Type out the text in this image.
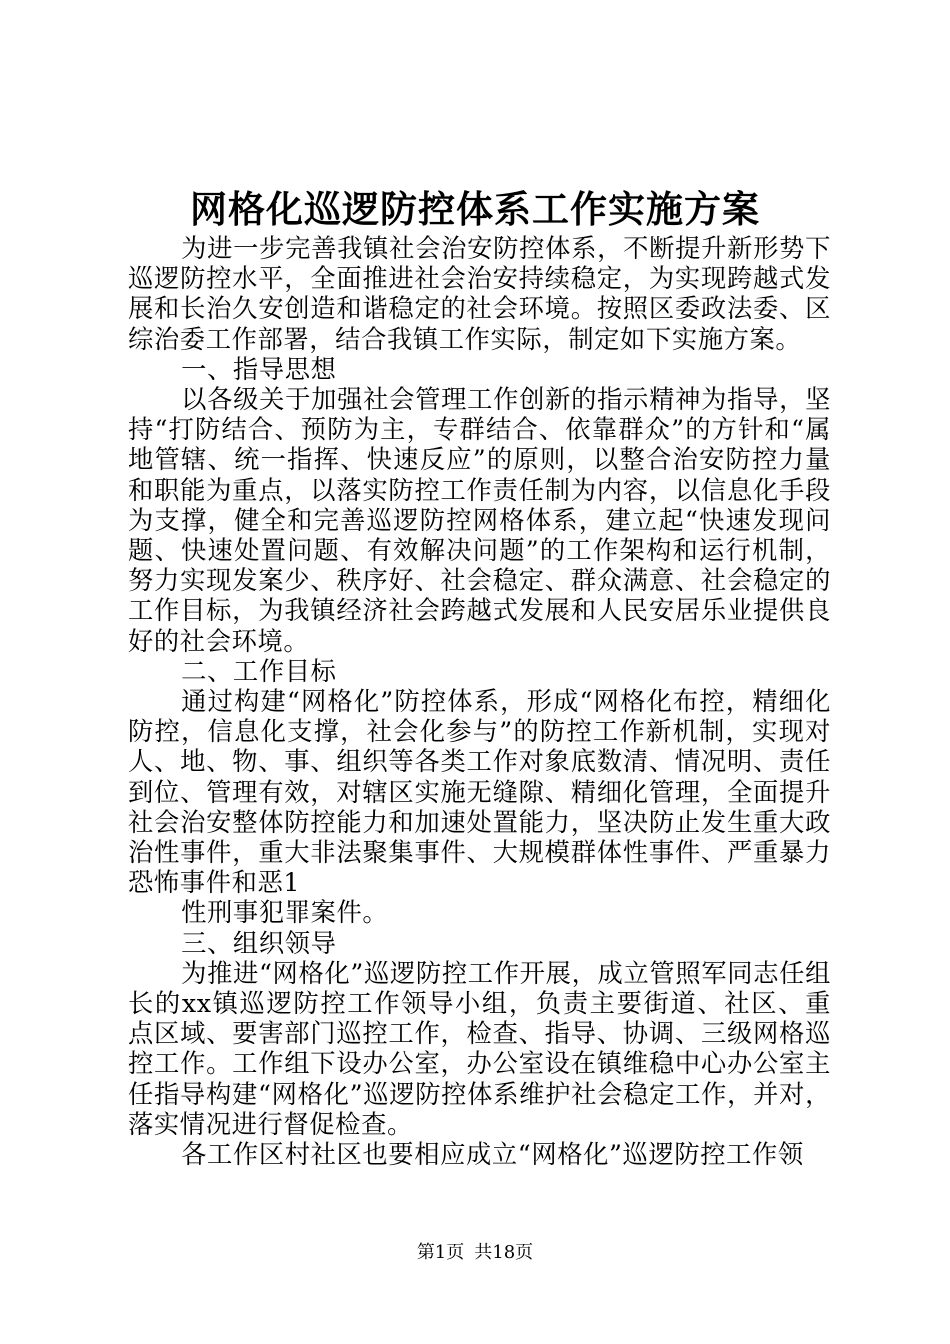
网格化巡逻防控体系工作实施方案

为进一步完善我镇社会治安防控体系，不断提升新形势下巡逻防控水平，全面推进社会治安持续稳定，为实现跨越式发展和长治久安创造和谐稳定的社会环境。按照区委政法委、区综治委工作部署，结合我镇工作实际，制定如下实施方案。

一、指导思想

以各级关于加强社会管理工作创新的指示精神为指导，坚持“打防结合、预防为主，专群结合、依靠群众”的方针和“属地管辖、统一指挥、快速反应”的原则，以整合治安防控力量和职能为重点，以落实防控工作责任制为内容，以信息化手段为支撑，健全和完善巡逻防控网格体系，建立起“快速发现问题、快速处置问题、有效解决问题”的工作架构和运行机制，努力实现发案少、秩序好、社会稳定、群众满意、社会稳定的工作目标，为我镇经济社会跨越式发展和人民安居乐业提供良好的社会环境。

二、工作目标

通过构建“网格化”防控体系，形成“网格化布控，精细化防控，信息化支撑，社会化参与”的防控工作新机制，实现对人、地、物、事、组织等各类工作对象底数清、情况明、责任到位、管理有效，对辖区实施无缝隙、精细化管理，全面提升社会治安整体防控能力和加速处置能力，坚决防止发生重大政治性事件，重大非法聚集事件、大规模群体性事件、严重暴力恐怖事件和恶1

性刑事犯罪案件。

三、组织领导

为推进“网格化”巡逻防控工作开展，成立管照军同志任组长的xx镇巡逻防控工作领导小组，负责主要街道、社区、重点区域、要害部门巡控工作，检查、指导、协调、三级网格巡控工作。工作组下设办公室，办公室设在镇维稳中心办公室主任指导构建“网格化”巡逻防控体系维护社会稳定工作，并对，落实情况进行督促检查。

各工作区村社区也要相应成立“网格化”巡逻防控工作领

第1页 共18页
